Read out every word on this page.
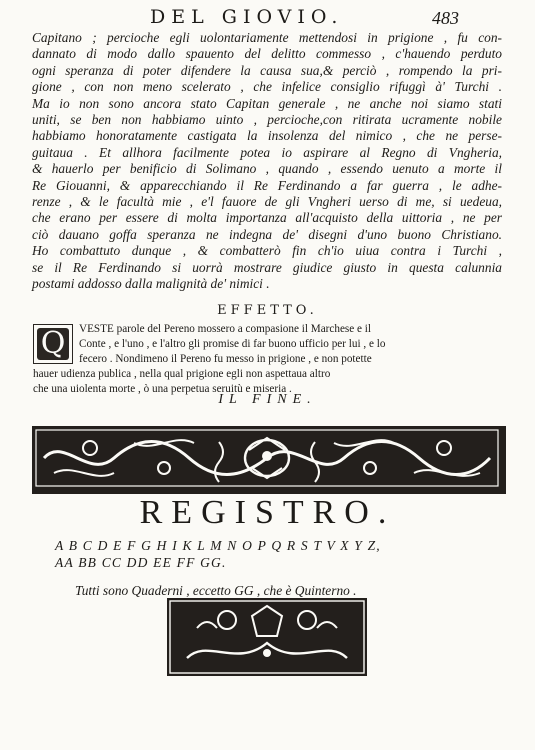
DEL GIOVIO.	483
Capitano ; percioche egli uolontariamente mettendosi in prigione , fu con-
dannato di modo dallo spauento del delitto commesso , c'hauendo perduto
ogni speranza di poter difendere la causa sua,& perciò , rompendo la pri-
gione , con non meno scelerato , che infelice consiglio rifuggì à' Turchi .
Ma io non sono ancora stato Capitan generale , ne anche noi siamo stati
uniti, se ben non habbiamo uinto , percioche,con ritirata ucramente nobile
habbiamo honoratamente castigata la insolenza del nimico , che ne perse-
guitaua . Et allhora facilmente potea io aspirare al Regno di Vngheria,
& hauerlo per benificio di Solimano , quando , essendo uenuto a morte il
Re Giouanni, & apparecchiando il Re Ferdinando a far guerra , le adhe-
renze , & le facultà mie , e'l fauore de gli Vngheri uerso di me, si uedeua,
che erano per essere di molta importanza all'acquisto della uittoria , ne per
ciò dauano goffa speranza ne indegna de' disegni d'uno buono Christiano.
Ho combattuto dunque , & combatterò fin ch'io uiua contra i Turchi ,
se il Re Ferdinando si uorrà mostrare giudice giusto in questa calunnia
postami addosso dalla malignità de' nimici .
EFFETTO.
VESTE parole del Pereno mossero a compasione il Marchese e il
Conte , e l'uno , e l'altro gli promise di far buono ufficio per lui , e lo
fecero . Nondimeno il Pereno fu messo in prigione , e non potette
hauer udienza publica , nella qual prigione egli non aspettaua altro
che una uiolenta morte , ò una perpetua seruitù e miseria .
Q
IL FINE.
REGISTRO.
A B C D E F G H I K L M N O P Q R S T V X Y Z,
AA BB CC DD EE FF GG.
Tutti sono Quaderni , eccetto GG , che è Quinterno .
